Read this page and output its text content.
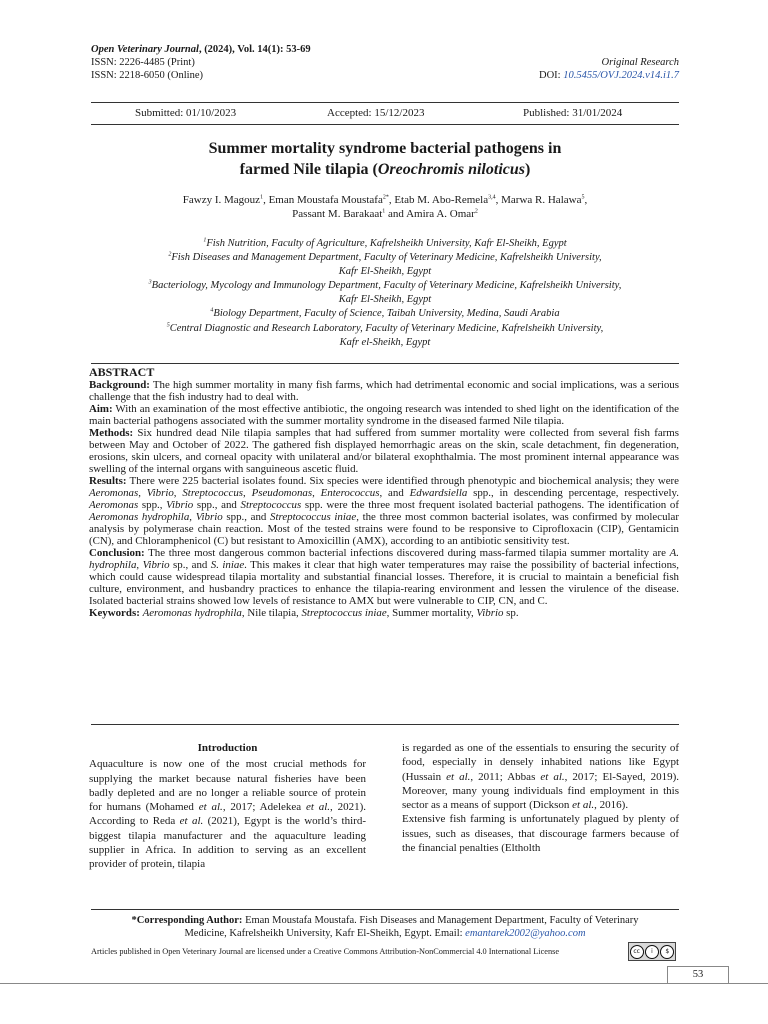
Open Veterinary Journal, (2024), Vol. 14(1): 53-69
ISSN: 2226-4485 (Print)
ISSN: 2218-6050 (Online)
Original Research
DOI: 10.5455/OVJ.2024.v14.i1.7
Submitted: 01/10/2023	Accepted: 15/12/2023	Published: 31/01/2024
Summer mortality syndrome bacterial pathogens in
farmed Nile tilapia (Oreochromis niloticus)
Fawzy I. Magouz$^1$, Eman Moustafa Moustafa$^{2*}$, Etab M. Abo-Remela$^{3,4}$, Marwa R. Halawa$^5$,
Passant M. Barakaat$^1$ and Amira A. Omar$^2$
$^1$Fish Nutrition, Faculty of Agriculture, Kafrelsheikh University, Kafr El-Sheikh, Egypt
$^2$Fish Diseases and Management Department, Faculty of Veterinary Medicine, Kafrelsheikh University,
Kafr El-Sheikh, Egypt
$^3$Bacteriology, Mycology and Immunology Department, Faculty of Veterinary Medicine, Kafrelsheikh University,
Kafr El-Sheikh, Egypt
$^4$Biology Department, Faculty of Science, Taibah University, Medina, Saudi Arabia
$^5$Central Diagnostic and Research Laboratory, Faculty of Veterinary Medicine, Kafrelsheikh University,
Kafr el-Sheikh, Egypt
ABSTRACT

Background: The high summer mortality in many fish farms, which had detrimental economic and social implications, was a serious challenge that the fish industry had to deal with.

Aim: With an examination of the most effective antibiotic, the ongoing research was intended to shed light on the identification of the main bacterial pathogens associated with the summer mortality syndrome in the diseased farmed Nile tilapia.

Methods: Six hundred dead Nile tilapia samples that had suffered from summer mortality were collected from several fish farms between May and October of 2022. The gathered fish displayed hemorrhagic areas on the skin, scale detachment, fin degeneration, erosions, skin ulcers, and corneal opacity with unilateral and/or bilateral exophthalmia. The most prominent internal appearance was swelling of the internal organs with sanguineous ascetic fluid.

Results: There were 225 bacterial isolates found. Six species were identified through phenotypic and biochemical analysis; they were Aeromonas, Vibrio, Streptococcus, Pseudomonas, Enterococcus, and Edwardsiella spp., in descending percentage, respectively. Aeromonas spp., Vibrio spp., and Streptococcus spp. were the three most frequent isolated bacterial pathogens. The identification of Aeromonas hydrophila, Vibrio spp., and Streptococcus iniae, the three most common bacterial isolates, was confirmed by molecular analysis by polymerase chain reaction. Most of the tested strains were found to be responsive to Ciprofloxacin (CIP), Gentamicin (CN), and Chloramphenicol (C) but resistant to Amoxicillin (AMX), according to an antibiotic sensitivity test.

Conclusion: The three most dangerous common bacterial infections discovered during mass-farmed tilapia summer mortality are A. hydrophila, Vibrio sp., and S. iniae. This makes it clear that high water temperatures may raise the possibility of bacterial infections, which could cause widespread tilapia mortality and substantial financial losses. Therefore, it is crucial to maintain a beneficial fish culture, environment, and husbandry practices to enhance the tilapia-rearing environment and lessen the virulence of the disease. Isolated bacterial strains showed low levels of resistance to AMX but were vulnerable to CIP, CN, and C.

Keywords: Aeromonas hydrophila, Nile tilapia, Streptococcus iniae, Summer mortality, Vibrio sp.

Introduction

Aquaculture is now one of the most crucial methods for supplying the market because natural fisheries have been badly depleted and are no longer a reliable source of protein for humans (Mohamed et al., 2017; Adelekea et al., 2021). According to Reda et al. (2021), Egypt is the world’s third-biggest tilapia manufacturer and the aquaculture leading supplier in Africa. In addition to serving as an excellent provider of protein, tilapia

is regarded as one of the essentials to ensuring the security of food, especially in densely inhabited nations like Egypt (Hussain et al., 2011; Abbas et al., 2017; El-Sayed, 2019). Moreover, many young individuals find employment in this sector as a means of support (Dickson et al., 2016).

Extensive fish farming is unfortunately plagued by plenty of issues, such as diseases, that discourage farmers because of the financial penalties (Eltholth

*Corresponding Author: Eman Moustafa Moustafa. Fish Diseases and Management Department, Faculty of Veterinary
Medicine, Kafrelsheikh University, Kafr El-Sheikh, Egypt. Email: emantarek2002@yahoo.com
Articles published in Open Veterinary Journal are licensed under a Creative Commons Attribution-NonCommercial 4.0 International License	cc	i	$
53
